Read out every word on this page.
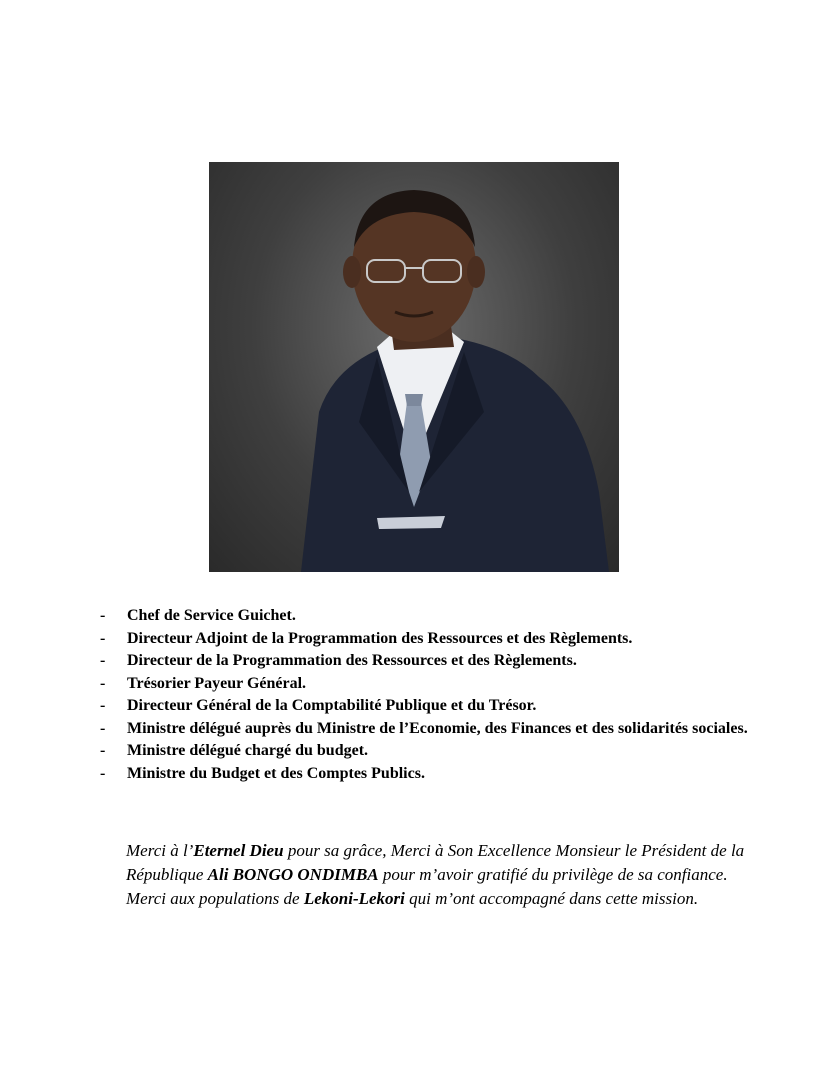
- Chef de Service Guichet.
- Directeur Adjoint de la Programmation des Ressources et des Règlements.
- Directeur de la Programmation des Ressources et des Règlements.
- Trésorier Payeur Général.
- Directeur Général de la Comptabilité Publique et du Trésor.
- Ministre délégué auprès du Ministre de l’Economie, des Finances et des solidarités sociales.
- Ministre délégué chargé du budget.
- Ministre du Budget et des Comptes Publics.

Merci à l’Eternel Dieu pour sa grâce, Merci à Son Excellence Monsieur le Président de la République Ali BONGO ONDIMBA pour m’avoir gratifié du privilège de sa confiance.

Merci aux populations de Lekoni-Lekori qui m’ont accompagné dans cette mission.
